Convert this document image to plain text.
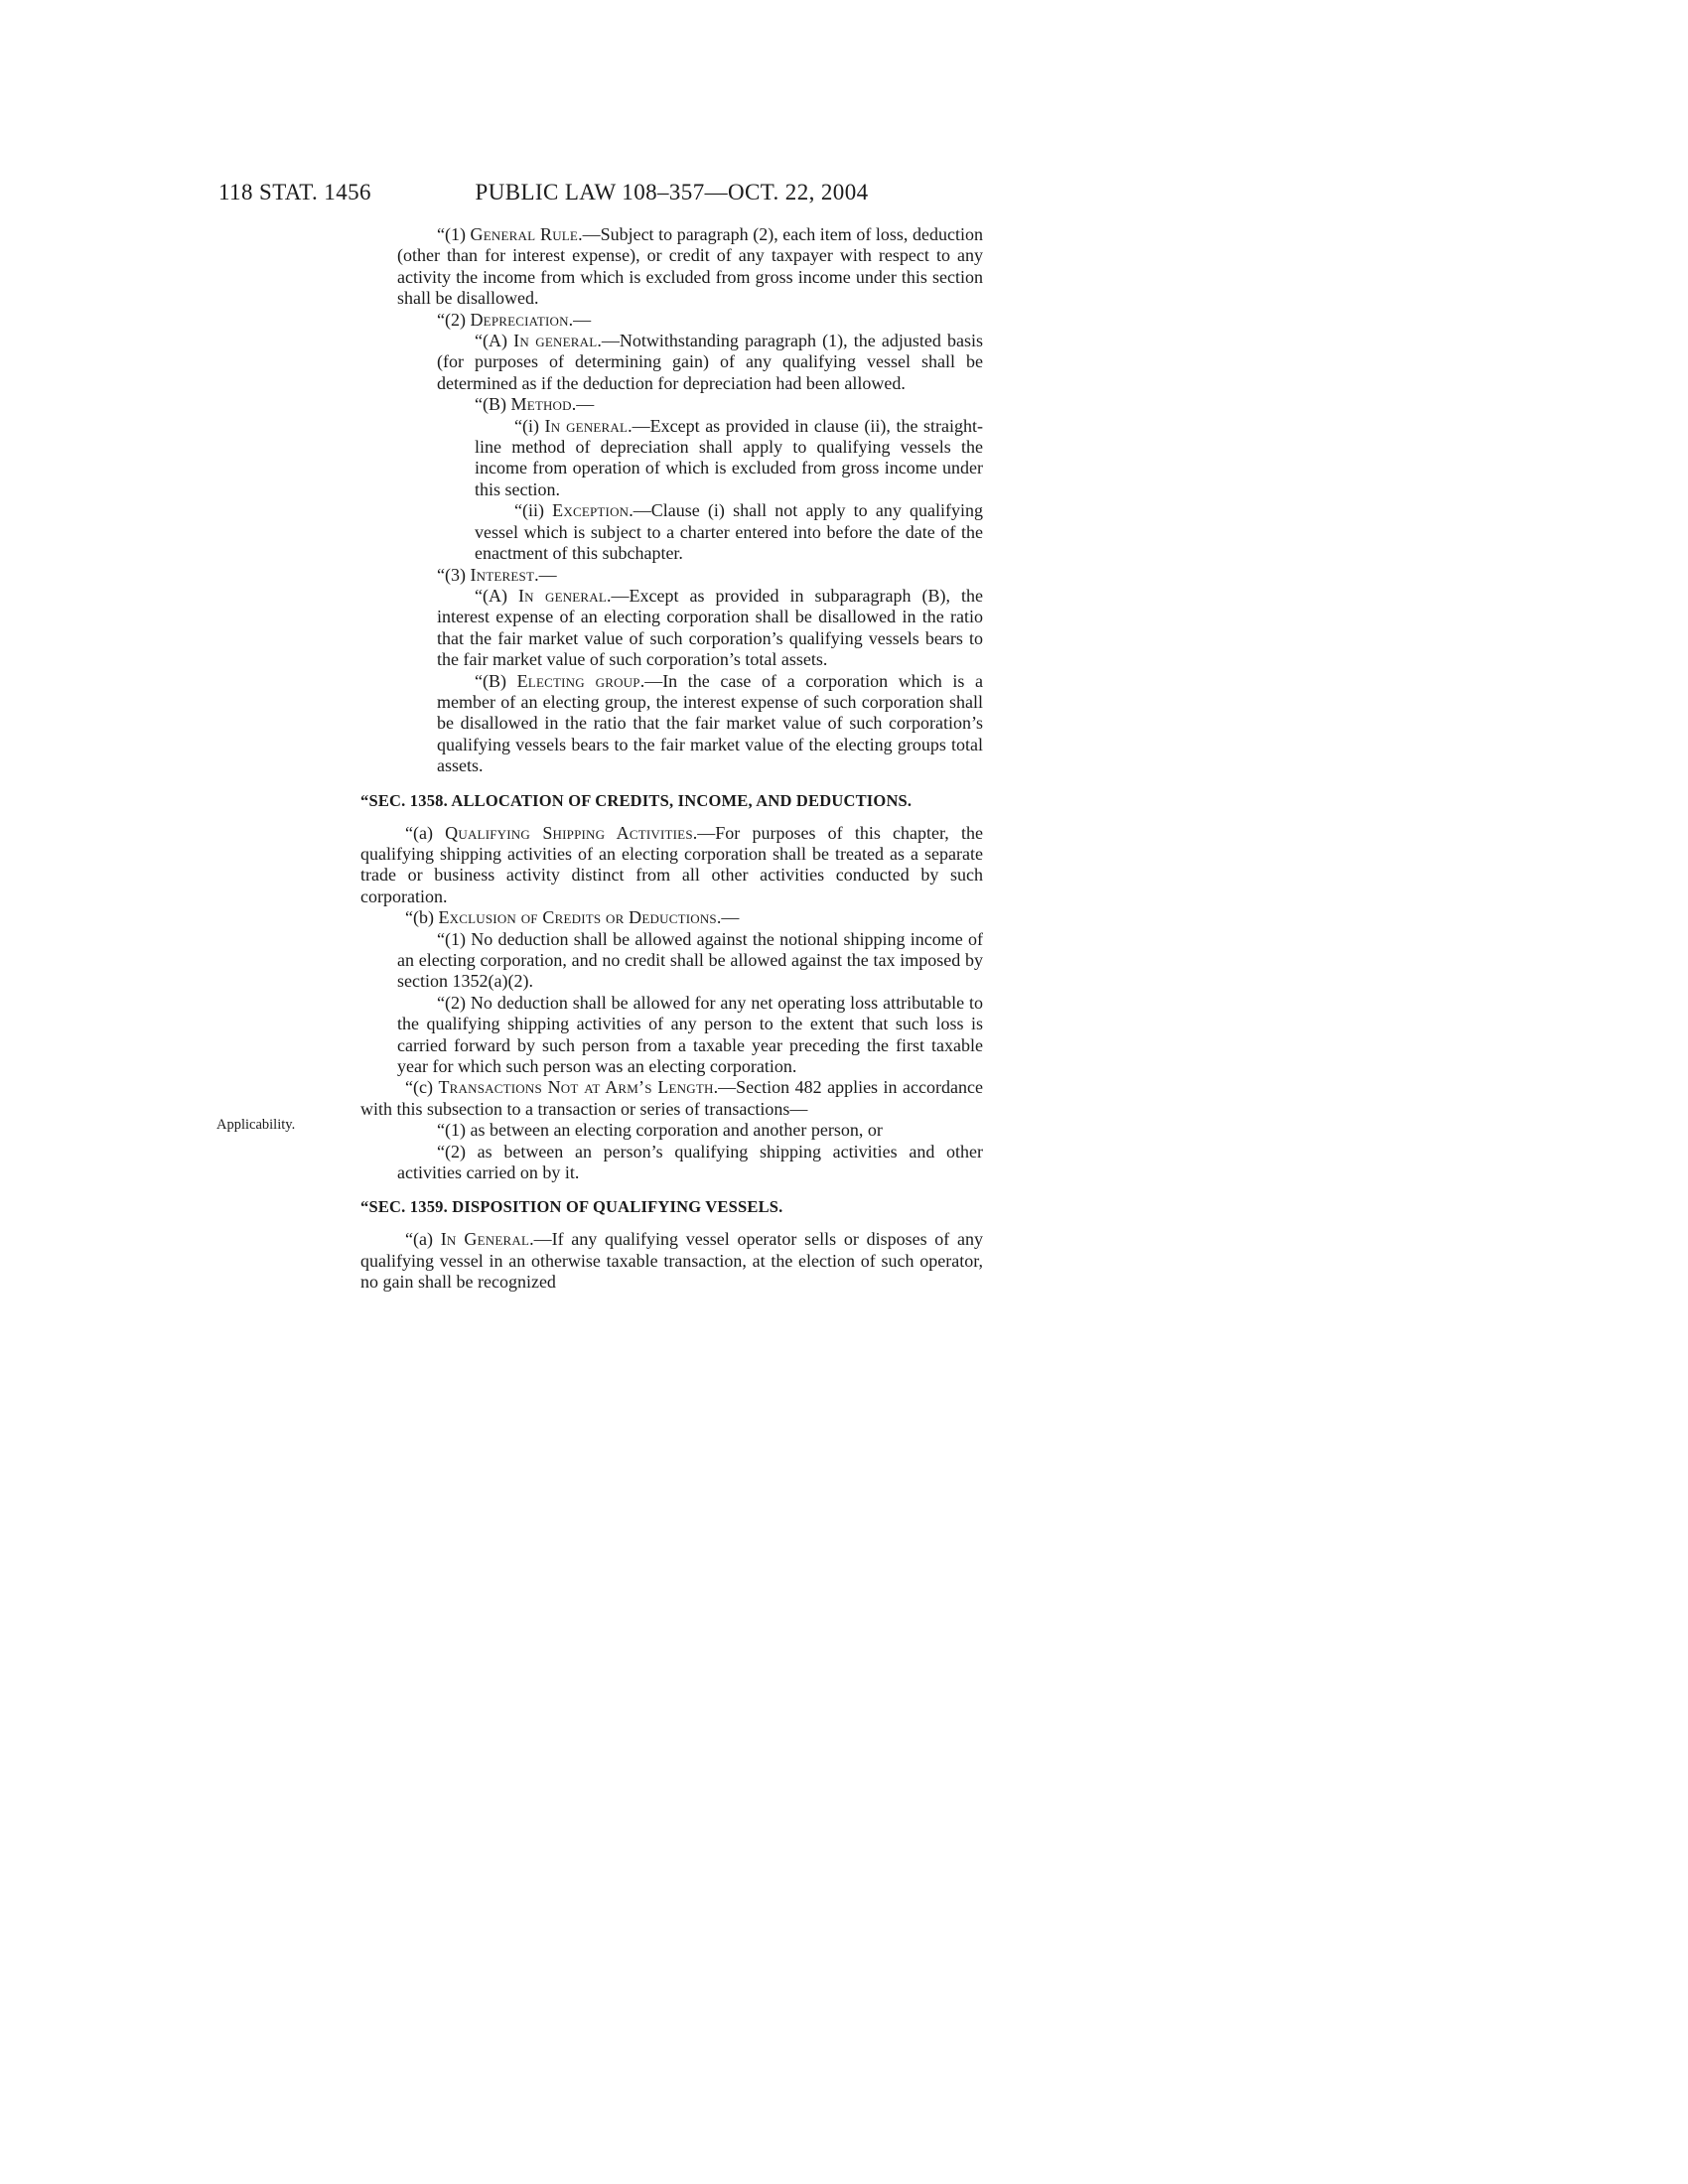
118 STAT. 1456	PUBLIC LAW 108–357—OCT. 22, 2004
Applicability.

“(1) General Rule.—Subject to paragraph (2), each item of loss, deduction (other than for interest expense), or credit of any taxpayer with respect to any activity the income from which is excluded from gross income under this section shall be disallowed.

“(2) Depreciation.—

“(A) In general.—Notwithstanding paragraph (1), the adjusted basis (for purposes of determining gain) of any qualifying vessel shall be determined as if the deduction for depreciation had been allowed.

“(B) Method.—

“(i) In general.—Except as provided in clause (ii), the straight-line method of depreciation shall apply to qualifying vessels the income from operation of which is excluded from gross income under this section.

“(ii) Exception.—Clause (i) shall not apply to any qualifying vessel which is subject to a charter entered into before the date of the enactment of this subchapter.

“(3) Interest.—

“(A) In general.—Except as provided in subparagraph (B), the interest expense of an electing corporation shall be disallowed in the ratio that the fair market value of such corporation’s qualifying vessels bears to the fair market value of such corporation’s total assets.

“(B) Electing group.—In the case of a corporation which is a member of an electing group, the interest expense of such corporation shall be disallowed in the ratio that the fair market value of such corporation’s qualifying vessels bears to the fair market value of the electing groups total assets.

“SEC. 1358. ALLOCATION OF CREDITS, INCOME, AND DEDUCTIONS.

“(a) Qualifying Shipping Activities.—For purposes of this chapter, the qualifying shipping activities of an electing corporation shall be treated as a separate trade or business activity distinct from all other activities conducted by such corporation.

“(b) Exclusion of Credits or Deductions.—

“(1) No deduction shall be allowed against the notional shipping income of an electing corporation, and no credit shall be allowed against the tax imposed by section 1352(a)(2).

“(2) No deduction shall be allowed for any net operating loss attributable to the qualifying shipping activities of any person to the extent that such loss is carried forward by such person from a taxable year preceding the first taxable year for which such person was an electing corporation.

“(c) Transactions Not at Arm’s Length.—Section 482 applies in accordance with this subsection to a transaction or series of transactions—

“(1) as between an electing corporation and another person, or

“(2) as between an person’s qualifying shipping activities and other activities carried on by it.

“SEC. 1359. DISPOSITION OF QUALIFYING VESSELS.

“(a) In General.—If any qualifying vessel operator sells or disposes of any qualifying vessel in an otherwise taxable transaction, at the election of such operator, no gain shall be recognized
